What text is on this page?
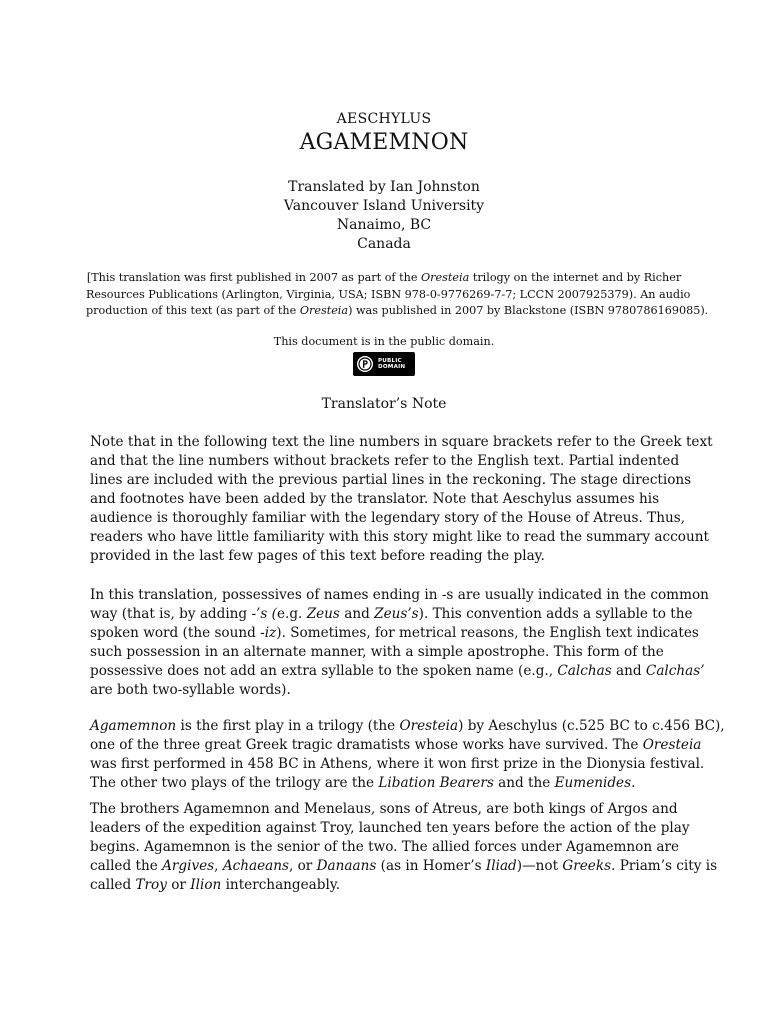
AESCHYLUS
AGAMEMNON
Translated by Ian Johnston
Vancouver Island University
Nanaimo, BC
Canada
[This translation was first published in 2007 as part of the Oresteia trilogy on the internet and by Richer
Resources Publications (Arlington, Virginia, USA; ISBN 978-0-9776269-7-7; LCCN 2007925379). An audio
production of this text (as part of the Oresteia) was published in 2007 by Blackstone (ISBN 9780786169085).
This document is in the public domain.
PUBLIC
DOMAIN
Translator’s Note
Note that in the following text the line numbers in square brackets refer to the Greek text
and that the line numbers without brackets refer to the English text. Partial indented
lines are included with the previous partial lines in the reckoning. The stage directions
and footnotes have been added by the translator. Note that Aeschylus assumes his
audience is thoroughly familiar with the legendary story of the House of Atreus. Thus,
readers who have little familiarity with this story might like to read the summary account
provided in the last few pages of this text before reading the play.
In this translation, possessives of names ending in -s are usually indicated in the common
way (that is, by adding -’s (e.g. Zeus and Zeus’s). This convention adds a syllable to the
spoken word (the sound -iz). Sometimes, for metrical reasons, the English text indicates
such possession in an alternate manner, with a simple apostrophe. This form of the
possessive does not add an extra syllable to the spoken name (e.g., Calchas and Calchas’
are both two-syllable words).
Agamemnon is the first play in a trilogy (the Oresteia) by Aeschylus (c.525 BC to c.456 BC),
one of the three great Greek tragic dramatists whose works have survived. The Oresteia
was first performed in 458 BC in Athens, where it won first prize in the Dionysia festival.
The other two plays of the trilogy are the Libation Bearers and the Eumenides.
The brothers Agamemnon and Menelaus, sons of Atreus, are both kings of Argos and
leaders of the expedition against Troy, launched ten years before the action of the play
begins. Agamemnon is the senior of the two. The allied forces under Agamemnon are
called the Argives, Achaeans, or Danaans (as in Homer’s Iliad)—not Greeks. Priam’s city is
called Troy or Ilion interchangeably.
